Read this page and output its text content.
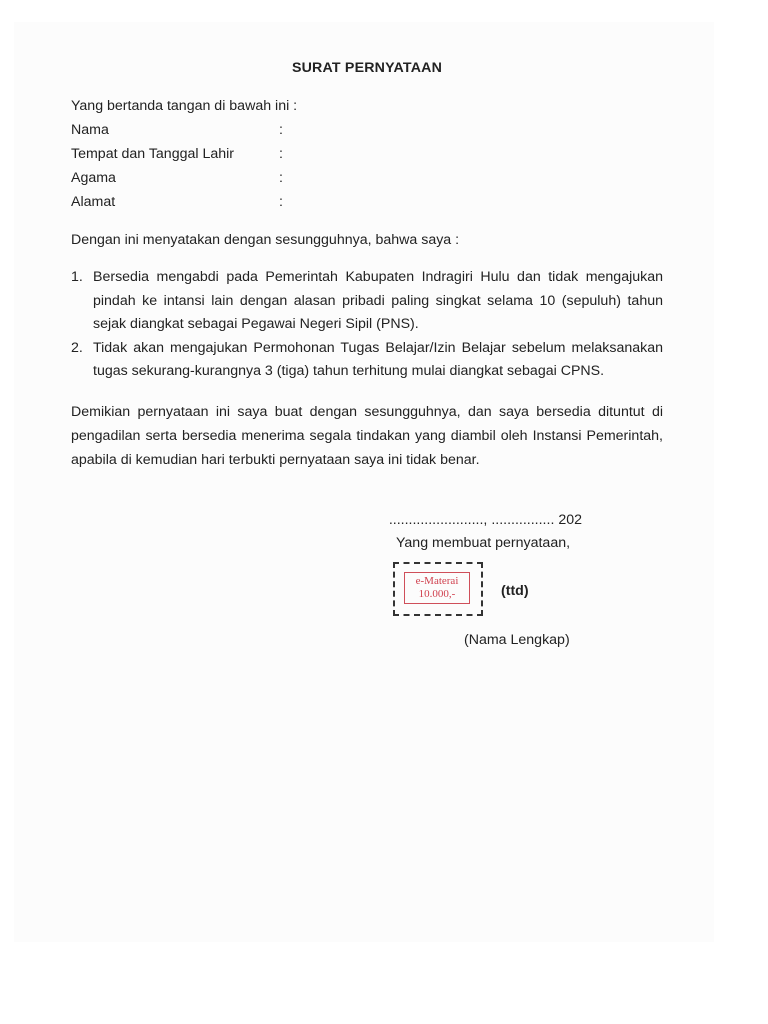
SURAT PERNYATAAN
Yang bertanda tangan di bawah ini :
Nama	:
Tempat dan Tanggal Lahir	:
Agama	:
Alamat	:
Dengan ini menyatakan dengan sesungguhnya, bahwa saya :
1. Bersedia mengabdi pada Pemerintah Kabupaten Indragiri Hulu dan tidak mengajukan pindah ke intansi lain dengan alasan pribadi paling singkat selama 10 (sepuluh) tahun sejak diangkat sebagai Pegawai Negeri Sipil (PNS).
2. Tidak akan mengajukan Permohonan Tugas Belajar/Izin Belajar sebelum melaksanakan tugas sekurang-kurangnya 3 (tiga) tahun terhitung mulai diangkat sebagai CPNS.
Demikian pernyataan ini saya buat dengan sesungguhnya, dan saya bersedia dituntut di pengadilan serta bersedia menerima segala tindakan yang diambil oleh Instansi Pemerintah, apabila di kemudian hari terbukti pernyataan saya ini tidak benar.
........................, ................ 202
Yang membuat pernyataan,
e-Materai
10.000,-	(ttd)
(Nama Lengkap)
